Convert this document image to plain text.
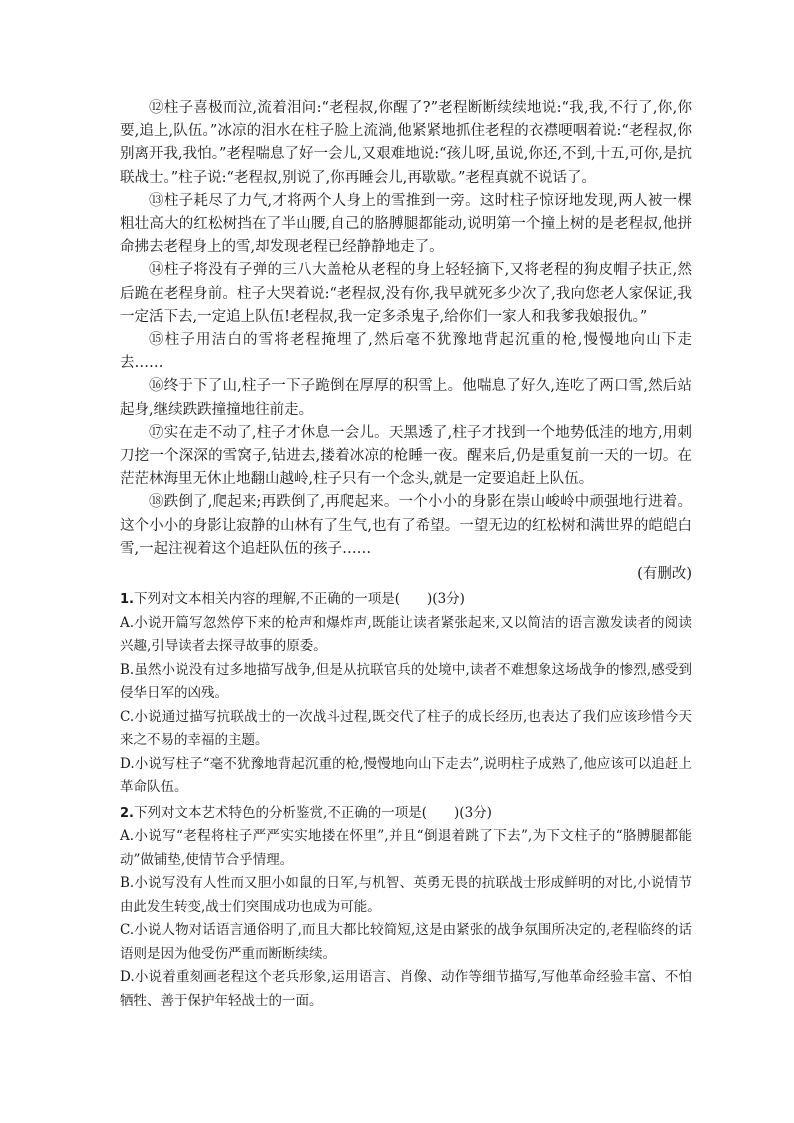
⑫柱子喜极而泣,流着泪问:“老程叔,你醒了?”老程断断续续地说:“我,我,不行了,你,你要,追上,队伍。”冰凉的泪水在柱子脸上流淌,他紧紧地抓住老程的衣襟哽咽着说:“老程叔,你别离开我,我怕。”老程喘息了好一会儿,又艰难地说:“孩儿呀,虽说,你还,不到,十五,可你,是抗联战士。”柱子说:“老程叔,别说了,你再睡会儿,再歇歇。”老程真就不说话了。

⑬柱子耗尽了力气,才将两个人身上的雪推到一旁。这时柱子惊讶地发现,两人被一棵粗壮高大的红松树挡在了半山腰,自己的胳膊腿都能动,说明第一个撞上树的是老程叔,他拼命拂去老程身上的雪,却发现老程已经静静地走了。

⑭柱子将没有子弹的三八大盖枪从老程的身上轻轻摘下,又将老程的狗皮帽子扶正,然后跪在老程身前。柱子大哭着说:“老程叔,没有你,我早就死多少次了,我向您老人家保证,我一定活下去,一定追上队伍!老程叔,我一定多杀鬼子,给你们一家人和我爹我娘报仇。”

⑮柱子用洁白的雪将老程掩埋了,然后毫不犹豫地背起沉重的枪,慢慢地向山下走去……

⑯终于下了山,柱子一下子跪倒在厚厚的积雪上。他喘息了好久,连吃了两口雪,然后站起身,继续跌跌撞撞地往前走。

⑰实在走不动了,柱子才休息一会儿。天黑透了,柱子才找到一个地势低洼的地方,用刺刀挖一个深深的雪窝子,钻进去,搂着冰凉的枪睡一夜。醒来后,仍是重复前一天的一切。在茫茫林海里无休止地翻山越岭,柱子只有一个念头,就是一定要追赶上队伍。

⑱跌倒了,爬起来;再跌倒了,再爬起来。一个小小的身影在崇山峻岭中顽强地行进着。这个小小的身影让寂静的山林有了生气,也有了希望。一望无边的红松树和满世界的皑皑白雪,一起注视着这个追赶队伍的孩子……

(有删改)

1.下列对文本相关内容的理解,不正确的一项是(　　)(3分)

A.小说开篇写忽然停下来的枪声和爆炸声,既能让读者紧张起来,又以简洁的语言激发读者的阅读兴趣,引导读者去探寻故事的原委。

B.虽然小说没有过多地描写战争,但是从抗联官兵的处境中,读者不难想象这场战争的惨烈,感受到侵华日军的凶残。

C.小说通过描写抗联战士的一次战斗过程,既交代了柱子的成长经历,也表达了我们应该珍惜今天来之不易的幸福的主题。

D.小说写柱子“毫不犹豫地背起沉重的枪,慢慢地向山下走去”,说明柱子成熟了,他应该可以追赶上革命队伍。

2.下列对文本艺术特色的分析鉴赏,不正确的一项是(　　)(3分)

A.小说写“老程将柱子严严实实地搂在怀里”,并且“倒退着跳了下去”,为下文柱子的“胳膊腿都能动”做铺垫,使情节合乎情理。

B.小说写没有人性而又胆小如鼠的日军,与机智、英勇无畏的抗联战士形成鲜明的对比,小说情节由此发生转变,战士们突围成功也成为可能。

C.小说人物对话语言通俗明了,而且大都比较简短,这是由紧张的战争氛围所决定的,老程临终的话语则是因为他受伤严重而断断续续。

D.小说着重刻画老程这个老兵形象,运用语言、肖像、动作等细节描写,写他革命经验丰富、不怕牺牲、善于保护年轻战士的一面。
